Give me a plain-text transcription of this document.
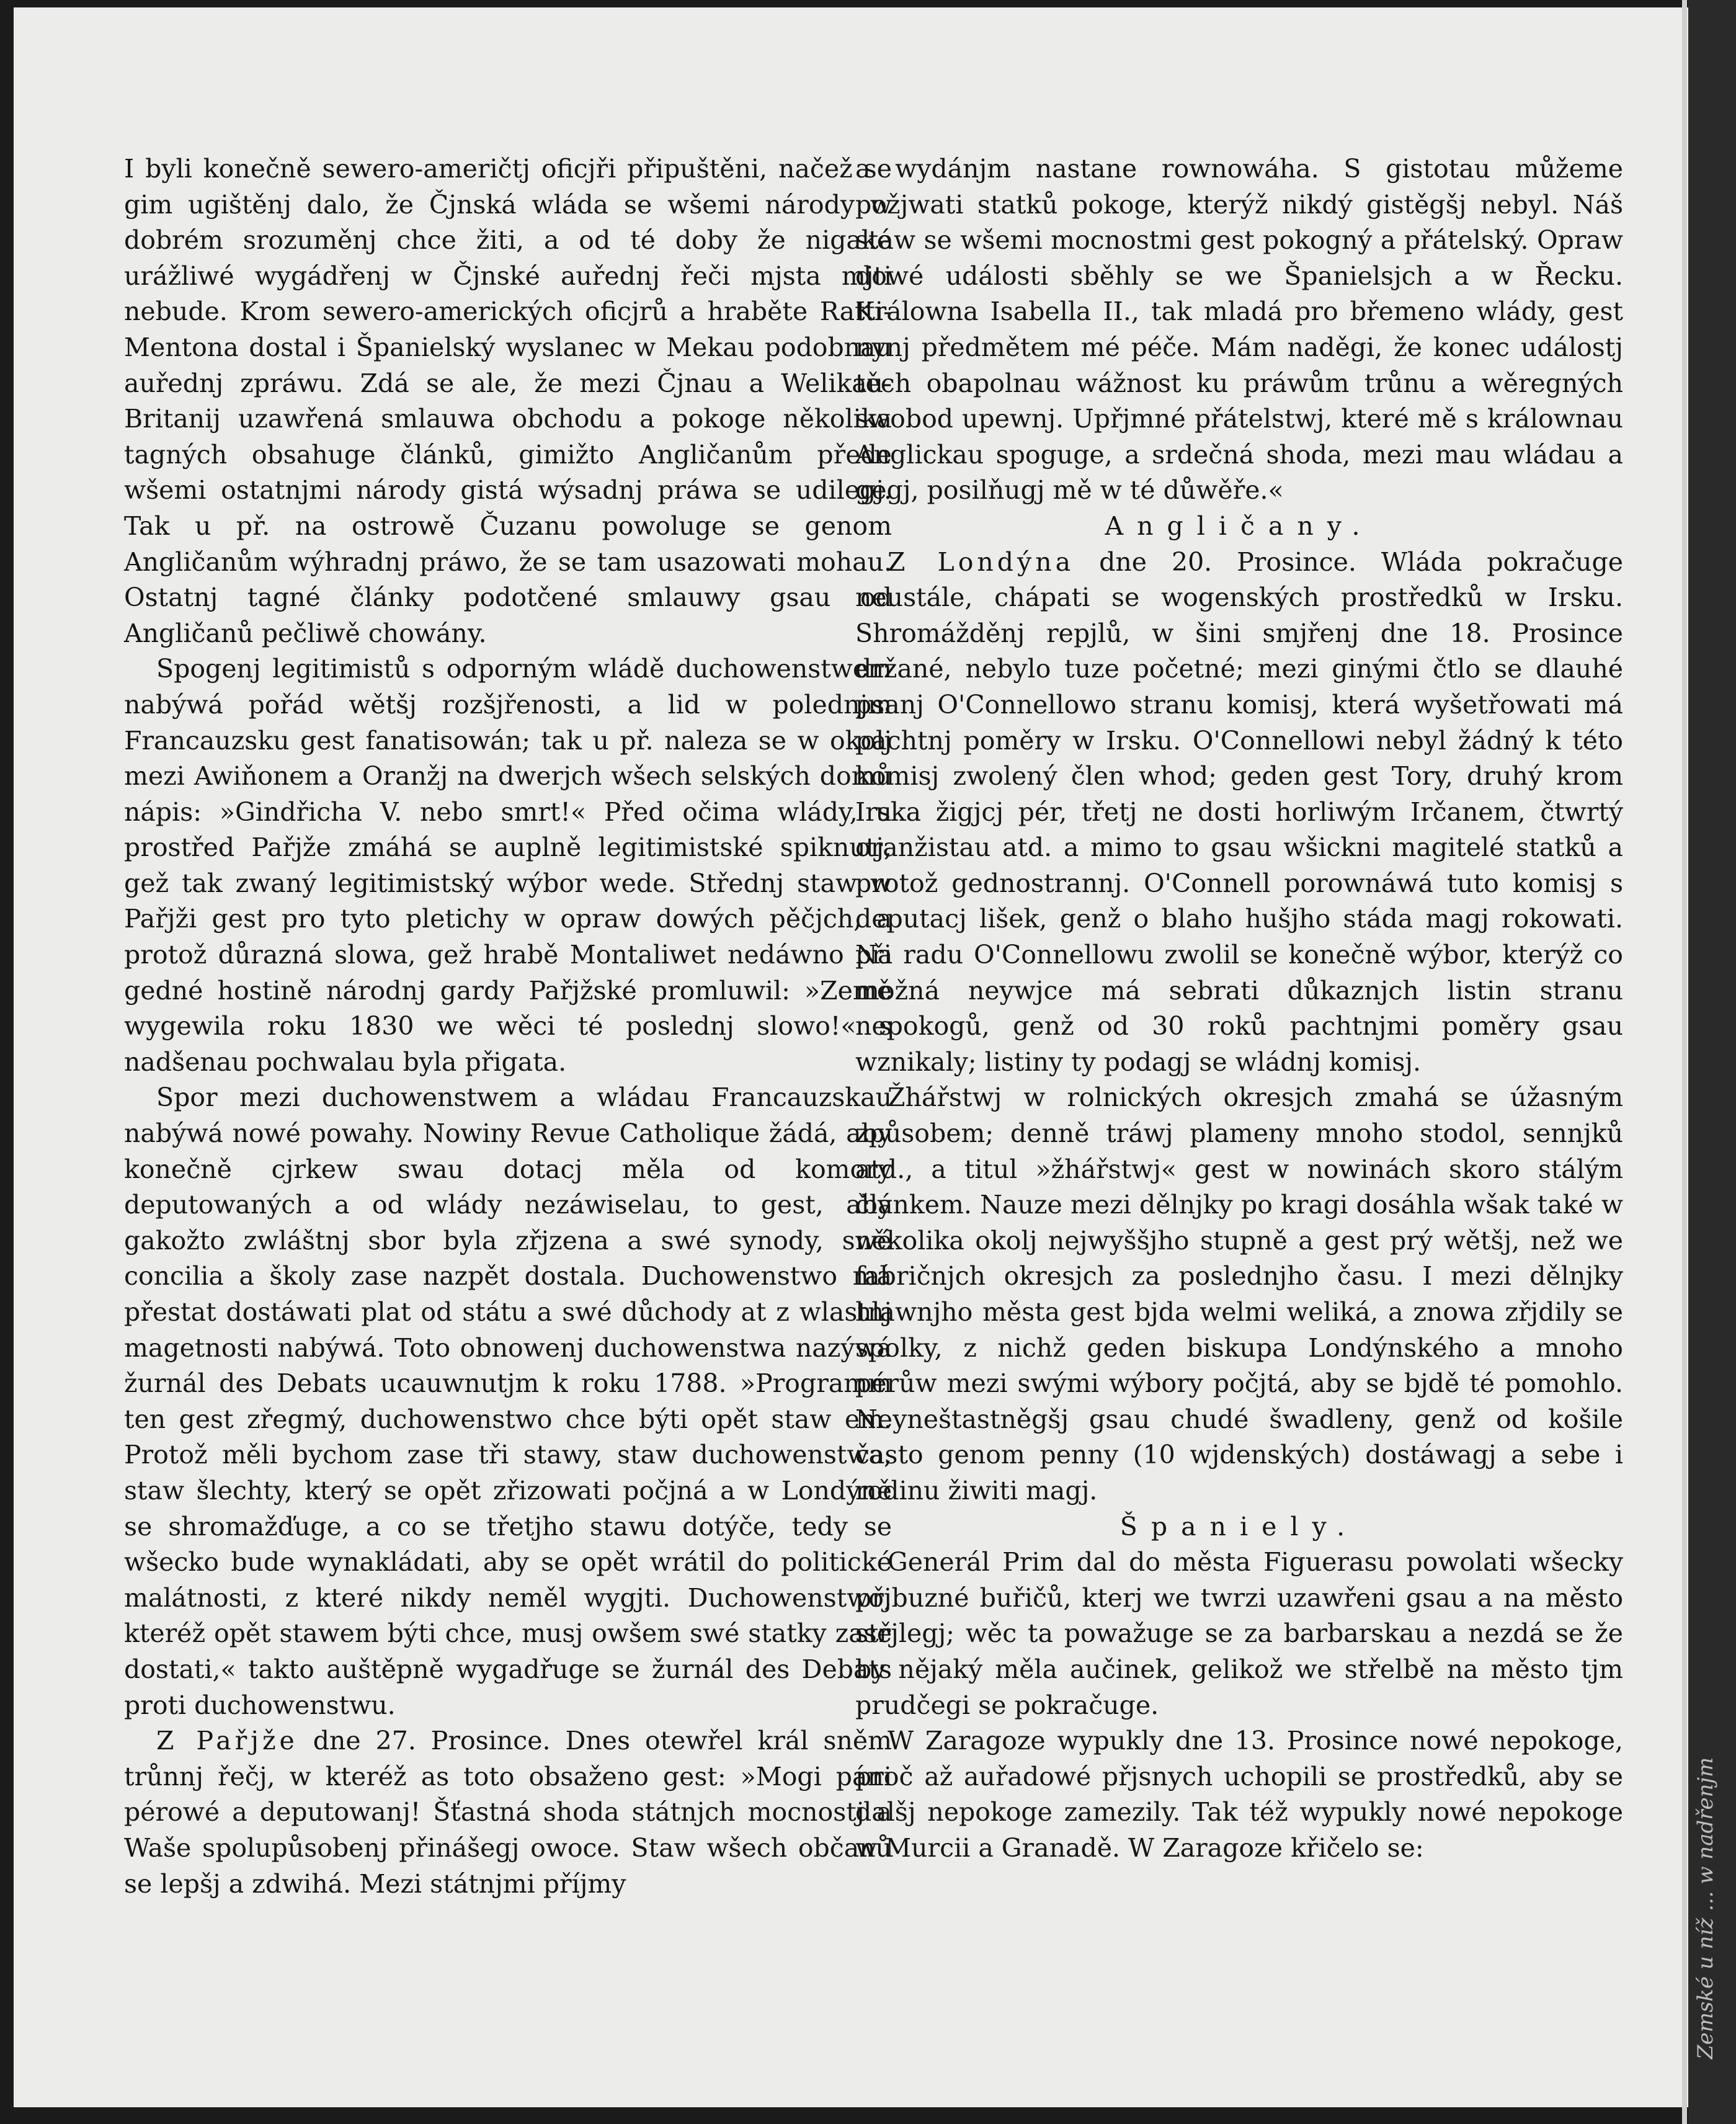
I byli konečně sewero-američtj oficjři připuštěni, načež se gim ugištěnj dalo, že Čjnská wláda se wšemi národy w dobrém srozuměnj chce žiti, a od té doby že nigaké urážliwé wygádřenj w Čjnské auřednj řeči mjsta mjti nebude. Krom sewero-amerických oficjrů a hraběte Ratti-Mentona dostal i Španielský wyslanec w Mekau podobnau auřednj zpráwu. Zdá se ale, že mezi Čjnau a Welikau-Britanij uzawřená smlauwa obchodu a pokoge několika tagných obsahuge článků, gimižto Angličanům přede wšemi ostatnjmi národy gistá wýsadnj práwa se udilegj. Tak u př. na ostrowě Čuzanu powoluge se genom Angličanům wýhradnj práwo, že se tam usazowati mohau. Ostatnj tagné články podotčené smlauwy gsau od Angličanů pečliwě chowány.

Spogenj legitimistů s odporným wládě duchowenstwem nabýwá pořád wětšj rozšjřenosti, a lid w polednjm Francauzsku gest fanatisowán; tak u př. naleza se w okolj mezi Awiňonem a Oranžj na dwerjch wšech selských domů nápis: »Gindřicha V. nebo smrt!« Před očima wlády, u prostřed Pařjže zmáhá se auplně legitimistské spiknutj, gež tak zwaný legitimistský wýbor wede. Střednj staw w Pařjži gest pro tyto pletichy w opraw dowých pěčjch, a protož důrazná slowa, gež hrabě Montaliwet nedáwno při gedné hostině národnj gardy Pařjžské promluwil: »Země wygewila roku 1830 we wěci té poslednj slowo!« s nadšenau pochwalau byla přigata.

Spor mezi duchowenstwem a wládau Francauzskau nabýwá nowé powahy. Nowiny Revue Catholique žádá, aby konečně cjrkew swau dotacj měla od komory deputowaných a od wlády nezáwiselau, to gest, aby gakožto zwláštnj sbor byla zřjzena a swé synody, swé concilia a školy zase nazpět dostala. Duchowenstwo má přestat dostáwati plat od státu a swé důchody at z wlastnj magetnosti nabýwá. Toto obnowenj duchowenstwa nazýwá žurnál des Debats ucauwnutjm k roku 1788. »Programm ten gest zřegmý, duchowenstwo chce býti opět staw em. Protož měli bychom zase tři stawy, staw duchowenstwa, staw šlechty, který se opět zřizowati počjná a w Londýně se shromažďuge, a co se třetjho stawu dotýče, tedy se wšecko bude wynakládati, aby se opět wrátil do politické malátnosti, z které nikdy neměl wygjti. Duchowenstwo, kteréž opět stawem býti chce, musj owšem swé statky zase dostati,« takto auštěpně wygadřuge se žurnál des Debats proti duchowenstwu.

Z Pařjže dne 27. Prosince. Dnes otewřel král sněm trůnnj řečj, w kteréž as toto obsaženo gest: »Mogi páni pérowé a deputowanj! Šťastná shoda státnjch mocnostj a Waše spolupůsobenj přinášegj owoce. Staw wšech občanů se lepšj a zdwihá. Mezi státnjmi příjmy

a wydánjm nastane rownowáha. S gistotau můžeme požjwati statků pokoge, kterýž nikdý gistěgšj nebyl. Náš staw se wšemi mocnostmi gest pokogný a přátelský. Opraw dowé události sběhly se we Španielsjch a w Řecku. Králowna Isabella II., tak mladá pro břemeno wlády, gest nynj předmětem mé péče. Mám naděgi, že konec událostj těch obapolnau wážnost ku práwům trůnu a wěregných swobod upewnj. Upřjmné přátelstwj, které mě s králownau Anglickau spoguge, a srdečná shoda, mezi mau wládau a gegj, posilňugj mě w té důwěře.«

Angličany.

Z Londýna dne 20. Prosince. Wláda pokračuge neustále, chápati se wogenských prostředků w Irsku. Shromážděnj repjlů, w šini smjřenj dne 18. Prosince držané, nebylo tuze početné; mezi ginými čtlo se dlauhé psanj O'Connellowo stranu komisj, která wyšetřowati má pachtnj poměry w Irsku. O'Connellowi nebyl žádný k této komisj zwolený člen whod; geden gest Tory, druhý krom Irska žigjcj pér, třetj ne dosti horliwým Irčanem, čtwrtý oranžistau atd. a mimo to gsau wšickni magitelé statků a protož gednostrannj. O'Connell porownáwá tuto komisj s deputacj lišek, genž o blaho hušjho stáda magj rokowati. Na radu O'Connellowu zwolil se konečně wýbor, kterýž co možná neywjce má sebrati důkaznjch listin stranu nepokogů, genž od 30 roků pachtnjmi poměry gsau wznikaly; listiny ty podagj se wládnj komisj.

Žhářstwj w rolnických okresjch zmahá se úžasným způsobem; denně tráwj plameny mnoho stodol, sennjků atd., a titul »žhářstwj« gest w nowinách skoro stálým článkem. Nauze mezi dělnjky po kragi dosáhla wšak také w několika okolj nejwyššjho stupně a gest prý wětšj, než we fabričnjch okresjch za poslednjho času. I mezi dělnjky hlawnjho města gest bjda welmi weliká, a znowa zřjdily se spolky, z nichž geden biskupa Londýnského a mnoho pérůw mezi swými wýbory počjtá, aby se bjdě té pomohlo. Neyneštastněgšj gsau chudé šwadleny, genž od košile často genom penny (10 wjdenských) dostáwagj a sebe i rodinu žiwiti magj.

Španiely.

Generál Prim dal do města Figuerasu powolati wšecky přjbuzné buřičů, kterj we twrzi uzawřeni gsau a na město střjlegj; wěc ta powažuge se za barbarskau a nezdá se že by nějaký měla aučinek, gelikož we střelbě na město tjm prudčegi se pokračuge.

W Zaragoze wypukly dne 13. Prosince nowé nepokoge, proč až auřadowé přjsnych uchopili se prostředků, aby se dalšj nepokoge zamezily. Tak též wypukly nowé nepokoge w Murcii a Granadě. W Zaragoze křičelo se:	Zemské u níž ... w nadřenjm
